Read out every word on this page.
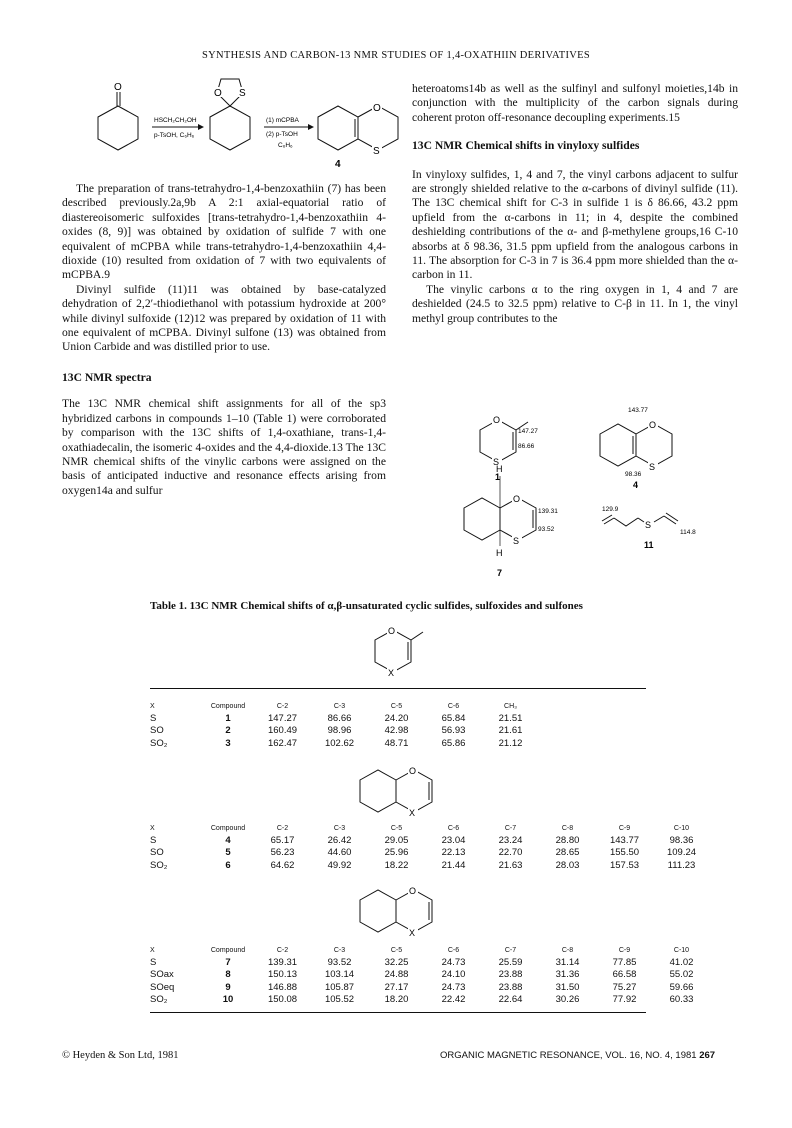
SYNTHESIS AND CARBON-13 NMR STUDIES OF 1,4-OXATHIIN DERIVATIVES
O
HSCH₂CH₂OH
p-TsOH, C₆H₆
O S
(1) mCPBA
(2) p-TsOH
C₆H₆
O
S
4

The preparation of trans-tetrahydro-1,4-benzoxathiin (7) has been described previously.2a,9b A 2:1 axial-equatorial ratio of diastereoisomeric sulfoxides [trans-tetrahydro-1,4-benzoxathiin 4-oxides (8, 9)] was obtained by oxidation of sulfide 7 with one equivalent of mCPBA while trans-tetrahydro-1,4-benzoxathiin 4,4-dioxide (10) resulted from oxidation of 7 with two equivalents of mCPBA.9

Divinyl sulfide (11)11 was obtained by base-catalyzed dehydration of 2,2′-thiodiethanol with potassium hydroxide at 200° while divinyl sulfoxide (12)12 was prepared by oxidation of 11 with one equivalent of mCPBA. Divinyl sulfone (13) was obtained from Union Carbide and was distilled prior to use.

13C NMR spectra

The 13C NMR chemical shift assignments for all of the sp3 hybridized carbons in compounds 1–10 (Table 1) were corroborated by comparison with the 13C shifts of 1,4-oxathiane, trans-1,4-oxathiadecalin, the isomeric 4-oxides and the 4,4-dioxide.13 The 13C NMR chemical shifts of the vinylic carbons were assigned on the basis of anticipated inductive and resonance effects arising from oxygen14a and sulfur

heteroatoms14b as well as the sulfinyl and sulfonyl moieties,14b in conjunction with the multiplicity of the carbon signals during coherent proton off-resonance decoupling experiments.15

13C NMR Chemical shifts in vinyloxy sulfides

In vinyloxy sulfides, 1, 4 and 7, the vinyl carbons adjacent to sulfur are strongly shielded relative to the α-carbons of divinyl sulfide (11). The 13C chemical shift for C-3 in sulfide 1 is δ 86.66, 43.2 ppm upfield from the α-carbons in 11; in 4, despite the combined deshielding contributions of the α- and β-methylene groups,16 C-10 absorbs at δ 98.36, 31.5 ppm upfield from the analogous carbons in 11. The absorption for C-3 in 7 is 36.4 ppm more shielded than the α-carbon in 11.

The vinylic carbons α to the ring oxygen in 1, 4 and 7 are deshielded (24.5 to 32.5 ppm) relative to C-β in 11. In 1, the vinyl methyl group contributes to the

O
S
147.27
86.66
1
O
S
143.77
98.36
4
H
O
S
H
139.31
93.52
7
S
129.9
114.8
11
Table 1. 13C NMR Chemical shifts of α,β-unsaturated cyclic sulfides, sulfoxides and sulfones
O
X
X	Compound	C-2	C-3	C-5	C-6	CH₃
S	1	147.27	86.66	24.20	65.84	21.51
SO	2	160.49	98.96	42.98	56.93	21.61
SO₂	3	162.47	102.62	48.71	65.86	21.12
O
X
X	Compound	C-2	C-3	C-5	C-6	C-7	C-8	C-9	C-10
S	4	65.17	26.42	29.05	23.04	23.24	28.80	143.77	98.36
SO	5	56.23	44.60	25.96	22.13	22.70	28.65	155.50	109.24
SO₂	6	64.62	49.92	18.22	21.44	21.63	28.03	157.53	111.23
O
X
X	Compound	C-2	C-3	C-5	C-6	C-7	C-8	C-9	C-10
S	7	139.31	93.52	32.25	24.73	25.59	31.14	77.85	41.02
SOax	8	150.13	103.14	24.88	24.10	23.88	31.36	66.58	55.02
SOeq	9	146.88	105.87	27.17	24.73	23.88	31.50	75.27	59.66
SO₂	10	150.08	105.52	18.20	22.42	22.64	30.26	77.92	60.33
© Heyden & Son Ltd, 1981	ORGANIC MAGNETIC RESONANCE, VOL. 16, NO. 4, 1981 267
